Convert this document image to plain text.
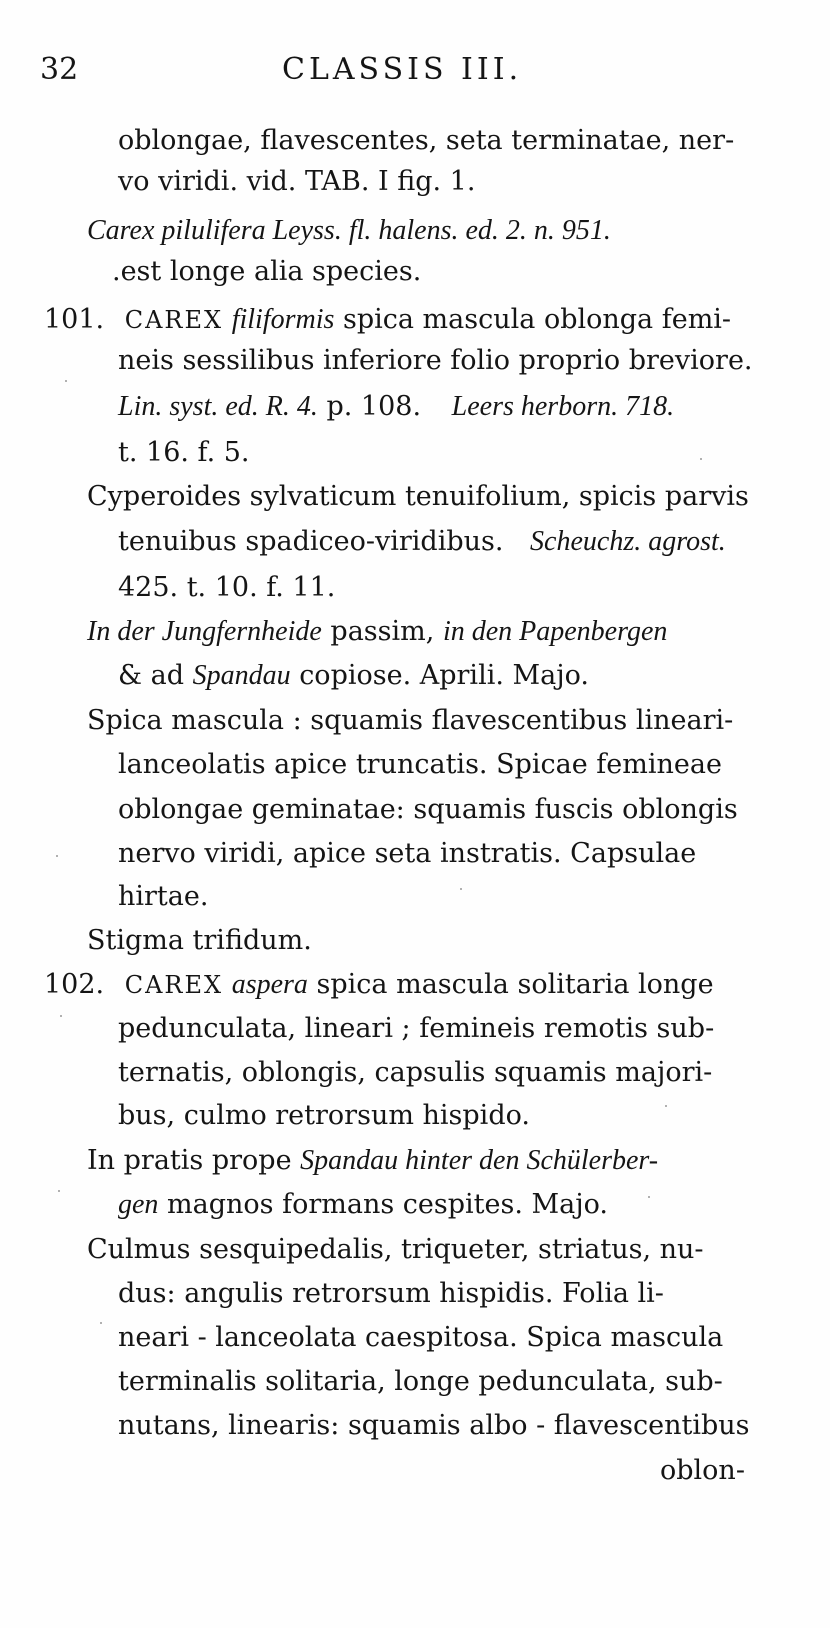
32	CLASSIS III.
oblongae, flavescentes, seta terminatae, ner-
vo viridi. vid. TAB. I fig. 1.
Carex pilulifera Leyss. fl. halens. ed. 2. n. 951.
.est longe alia species.
101. CAREX filiformis spica mascula oblonga femi-
neis sessilibus inferiore folio proprio breviore.
Lin. syst. ed. R. 4. p. 108. Leers herborn. 718.
t. 16. f. 5.
Cyperoides sylvaticum tenuifolium, spicis parvis
tenuibus spadiceo-viridibus. Scheuchz. agrost.
425. t. 10. f. 11.
In der Jungfernheide passim, in den Papenbergen
& ad Spandau copiose. Aprili. Majo.
Spica mascula : squamis flavescentibus lineari-
lanceolatis apice truncatis. Spicae femineae
oblongae geminatae: squamis fuscis oblongis
nervo viridi, apice seta instratis. Capsulae
hirtae.
Stigma trifidum.
102. CAREX aspera spica mascula solitaria longe
pedunculata, lineari ; femineis remotis sub-
ternatis, oblongis, capsulis squamis majori-
bus, culmo retrorsum hispido.
In pratis prope Spandau hinter den Schülerber-
gen magnos formans cespites. Majo.
Culmus sesquipedalis, triqueter, striatus, nu-
dus: angulis retrorsum hispidis. Folia li-
neari - lanceolata caespitosa. Spica mascula
terminalis solitaria, longe pedunculata, sub-
nutans, linearis: squamis albo - flavescentibus
oblon-
